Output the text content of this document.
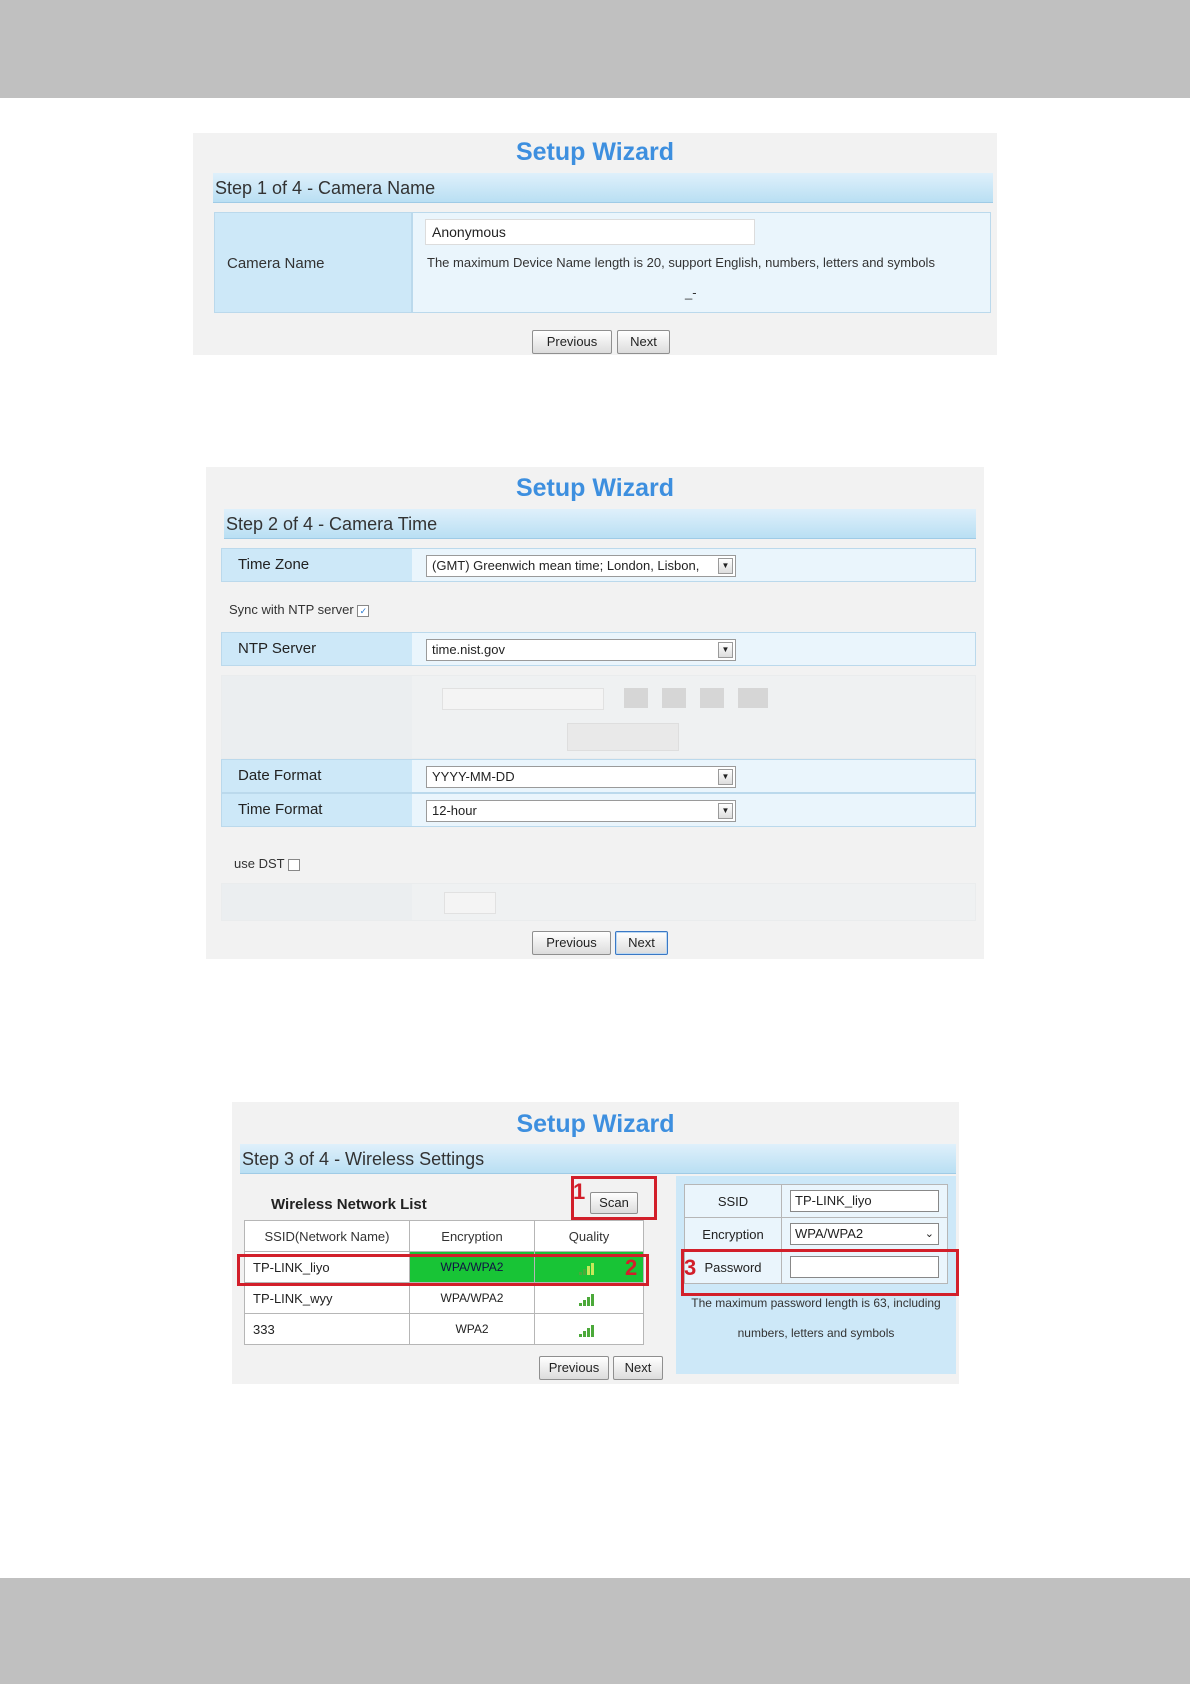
Setup Wizard
Step 1 of 4 - Camera Name
Camera Name
Anonymous
The maximum Device Name length is 20, support English, numbers, letters and symbols
_-
Previous	Next
Setup Wizard
Step 2 of 4 - Camera Time
Time Zone	(GMT) Greenwich mean time; London, Lisbon,	▼
Sync with NTP server ✓
NTP Server	time.nist.gov	▼
Date Format	YYYY-MM-DD	▼
Time Format	12-hour	▼
use DST
Previous	Next
Setup Wizard
Step 3 of 4 - Wireless Settings
Wireless Network List	Scan
SSID(Network Name)	Encryption	Quality
TP-LINK_liyo	WPA/WPA2	

TP-LINK_wyy	WPA/WPA2	

333	WPA2	
Previous	Next
SSID	TP-LINK_liyo

Encryption	WPA/WPA2 ⌄

Password	
The maximum password length is 63, including
numbers, letters and symbols
1
2 3
